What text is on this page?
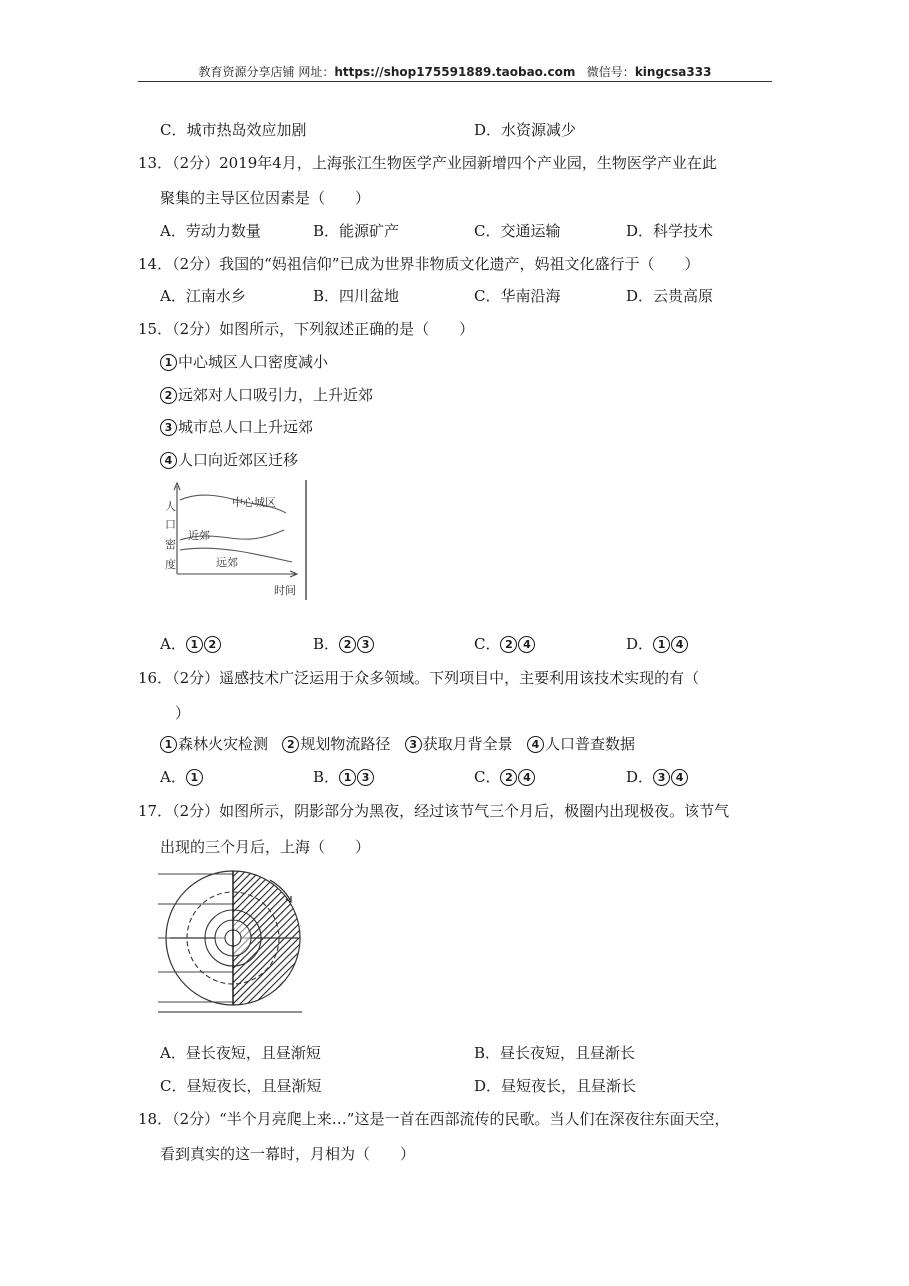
教育资源分享店铺 网址：https://shop175591889.taobao.com 微信号：kingcsa333
C．城市热岛效应加剧	D．水资源减少
13．（2分）2019年4月，上海张江生物医学产业园新增四个产业园，生物医学产业在此
聚集的主导区位因素是（　　）
A．劳动力数量	B．能源矿产	C．交通运输	D．科学技术
14．（2分）我国的“妈祖信仰”已成为世界非物质文化遗产，妈祖文化盛行于（　　）
A．江南水乡	B．四川盆地	C．华南沿海	D．云贵高原
15．（2分）如图所示，下列叙述正确的是（　　）
1 中心城区人口密度减小
2 远郊对人口吸引力，上升近郊
3 城市总人口上升远郊
4 人口向近郊区迁移
人
口
密
度
中心城区
近郊
远郊
时间
A． 1 2	B． 2 3	C． 2 4	D． 1 4
16．（2分）遥感技术广泛运用于众多领域。下列项目中，主要利用该技术实现的有（
）
1 森林火灾检测 2 规划物流路径 3 获取月背全景 4 人口普查数据
A． 1	B． 1 3	C． 2 4	D． 3 4
17．（2分）如图所示，阴影部分为黑夜，经过该节气三个月后，极圈内出现极夜。该节气
出现的三个月后，上海（　　）
A．昼长夜短，且昼渐短	B．昼长夜短，且昼渐长
C．昼短夜长，且昼渐短	D．昼短夜长，且昼渐长
18．（2分）“半个月亮爬上来…”这是一首在西部流传的民歌。当人们在深夜往东面天空，
看到真实的这一幕时，月相为（　　）
